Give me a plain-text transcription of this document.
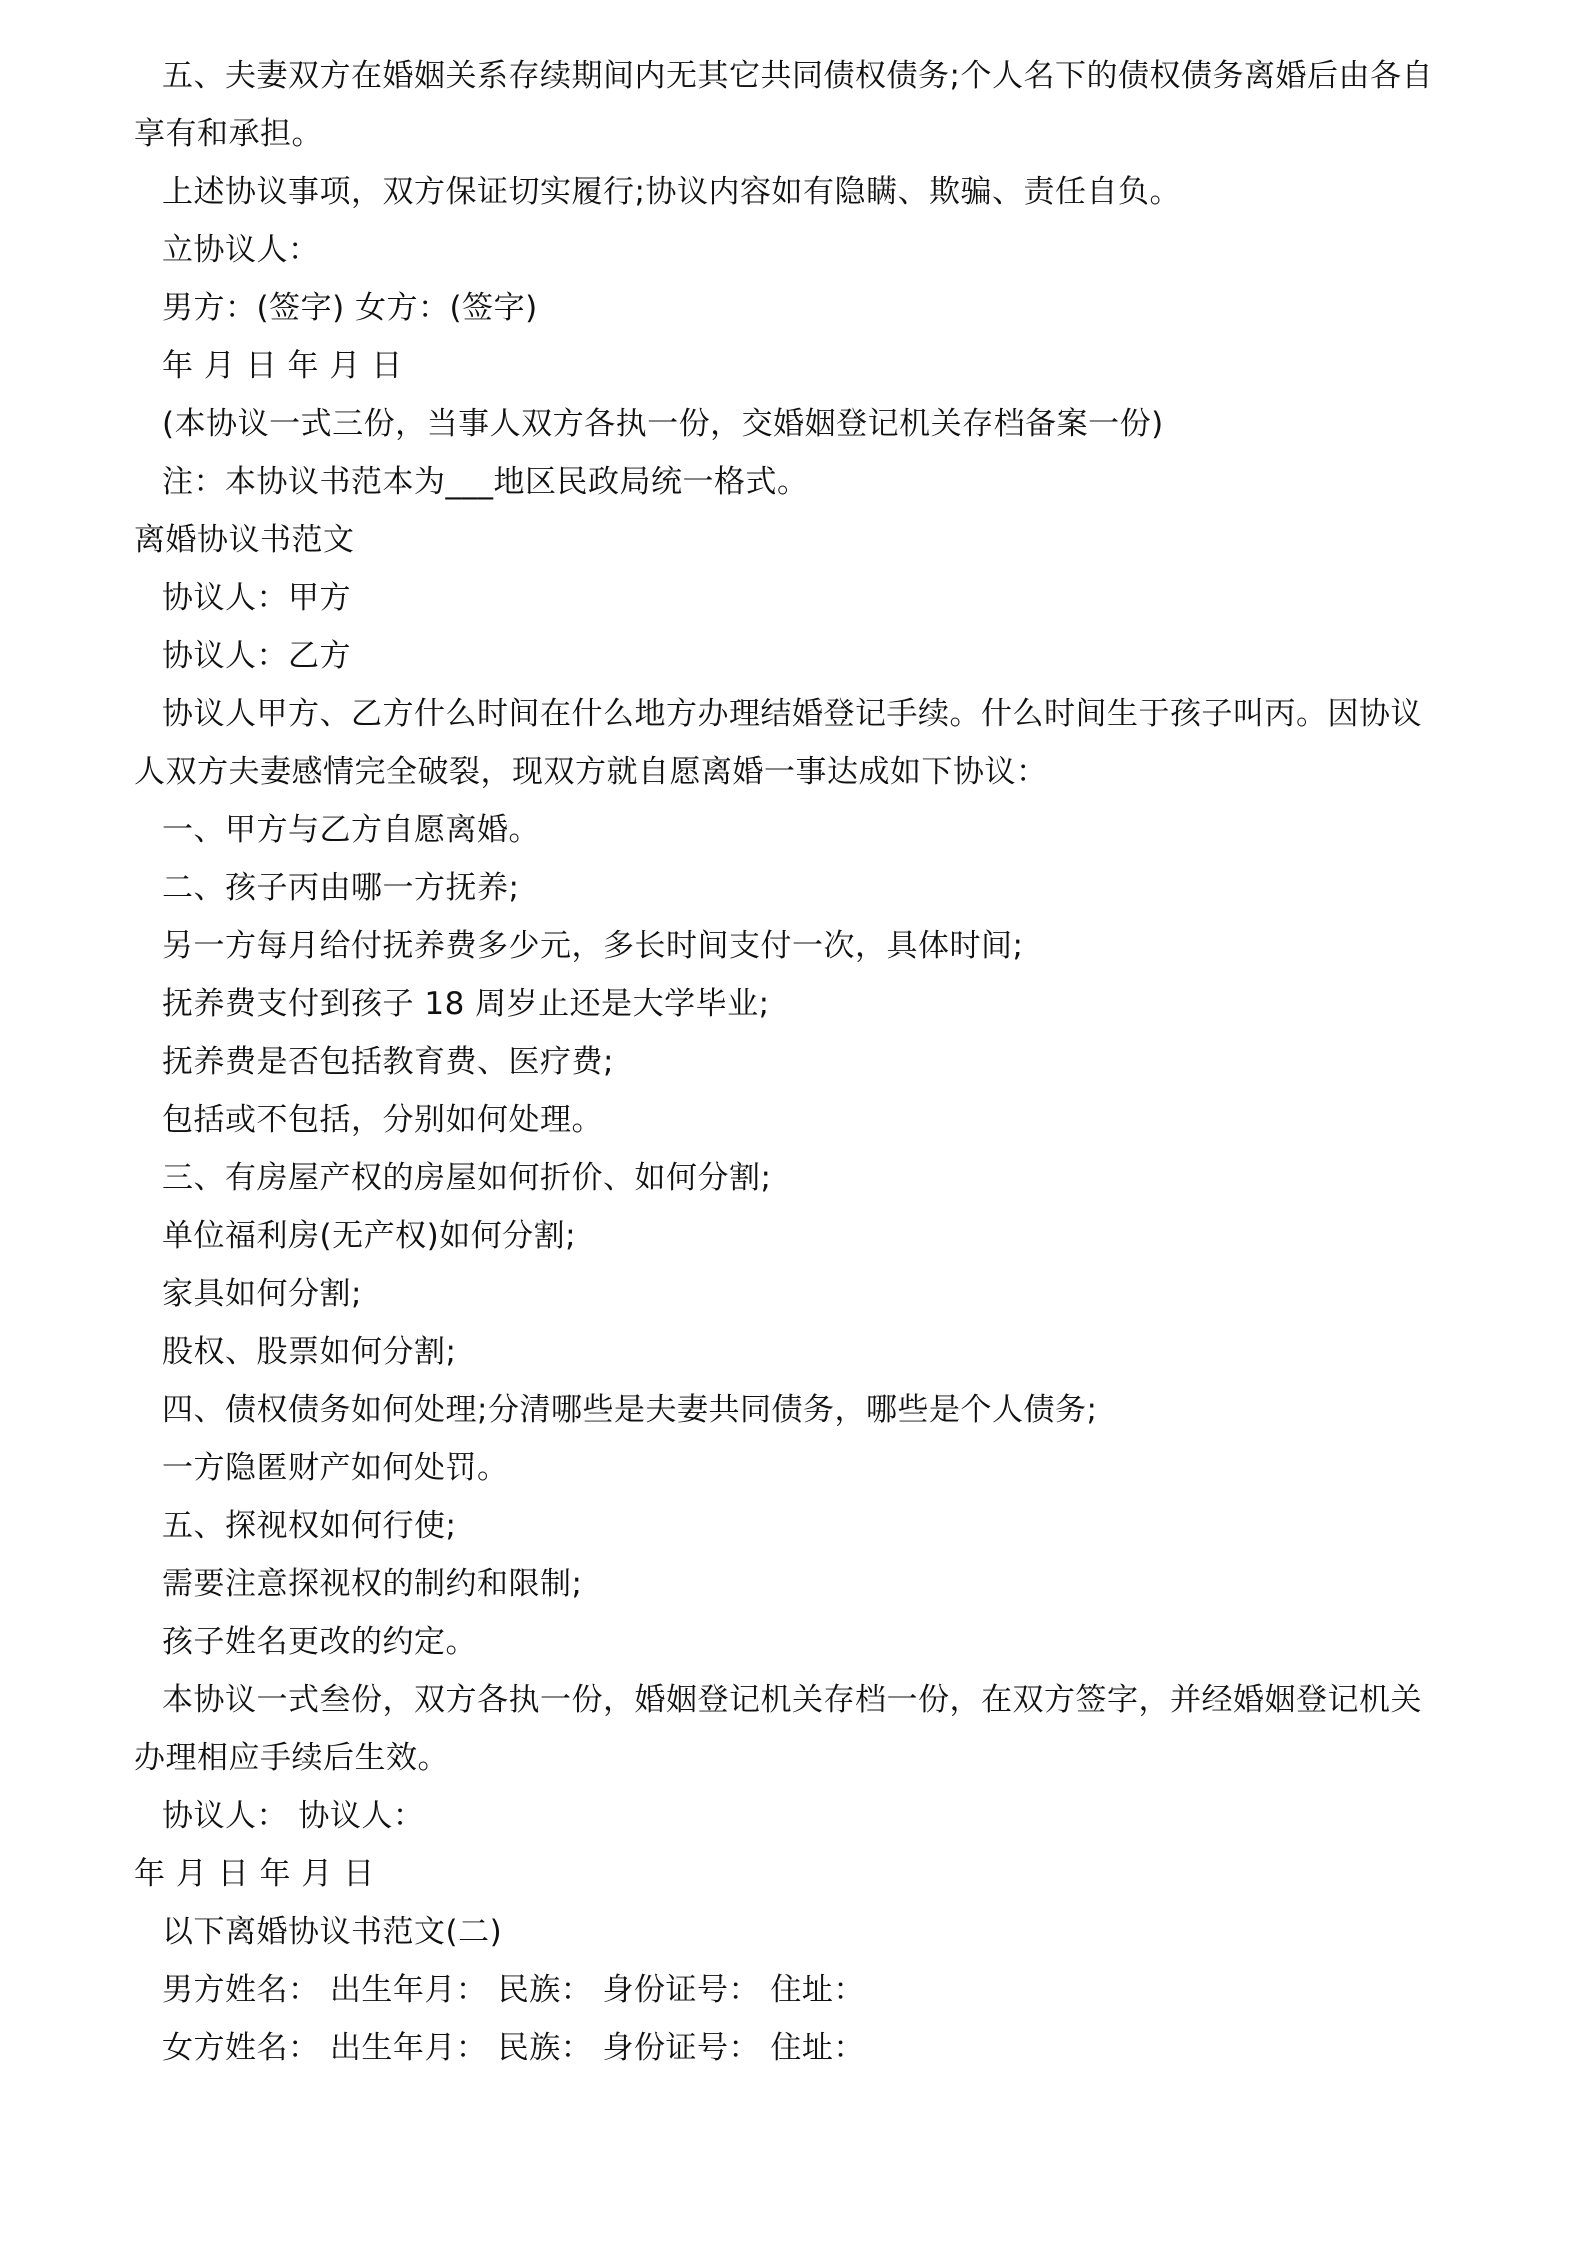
五、夫妻双方在婚姻关系存续期间内无其它共同债权债务;个人名下的债权债务离婚后由各自
享有和承担。
上述协议事项，双方保证切实履行;协议内容如有隐瞒、欺骗、责任自负。
立协议人：
男方：(签字) 女方：(签字)
年 月 日 年 月 日
(本协议一式三份，当事人双方各执一份，交婚姻登记机关存档备案一份)
注：本协议书范本为___地区民政局统一格式。
离婚协议书范文
协议人：甲方
协议人：乙方
协议人甲方、乙方什么时间在什么地方办理结婚登记手续。什么时间生于孩子叫丙。因协议
人双方夫妻感情完全破裂，现双方就自愿离婚一事达成如下协议：
一、甲方与乙方自愿离婚。
二、孩子丙由哪一方抚养;
另一方每月给付抚养费多少元，多长时间支付一次，具体时间;
抚养费支付到孩子 18 周岁止还是大学毕业;
抚养费是否包括教育费、医疗费;
包括或不包括，分别如何处理。
三、有房屋产权的房屋如何折价、如何分割;
单位福利房(无产权)如何分割;
家具如何分割;
股权、股票如何分割;
四、债权债务如何处理;分清哪些是夫妻共同债务，哪些是个人债务;
一方隐匿财产如何处罚。
五、探视权如何行使;
需要注意探视权的制约和限制;
孩子姓名更改的约定。
本协议一式叁份，双方各执一份，婚姻登记机关存档一份，在双方签字，并经婚姻登记机关
办理相应手续后生效。
协议人： 协议人：
年 月 日 年 月 日
以下离婚协议书范文(二)
男方姓名： 出生年月： 民族： 身份证号： 住址：
女方姓名： 出生年月： 民族： 身份证号： 住址：
